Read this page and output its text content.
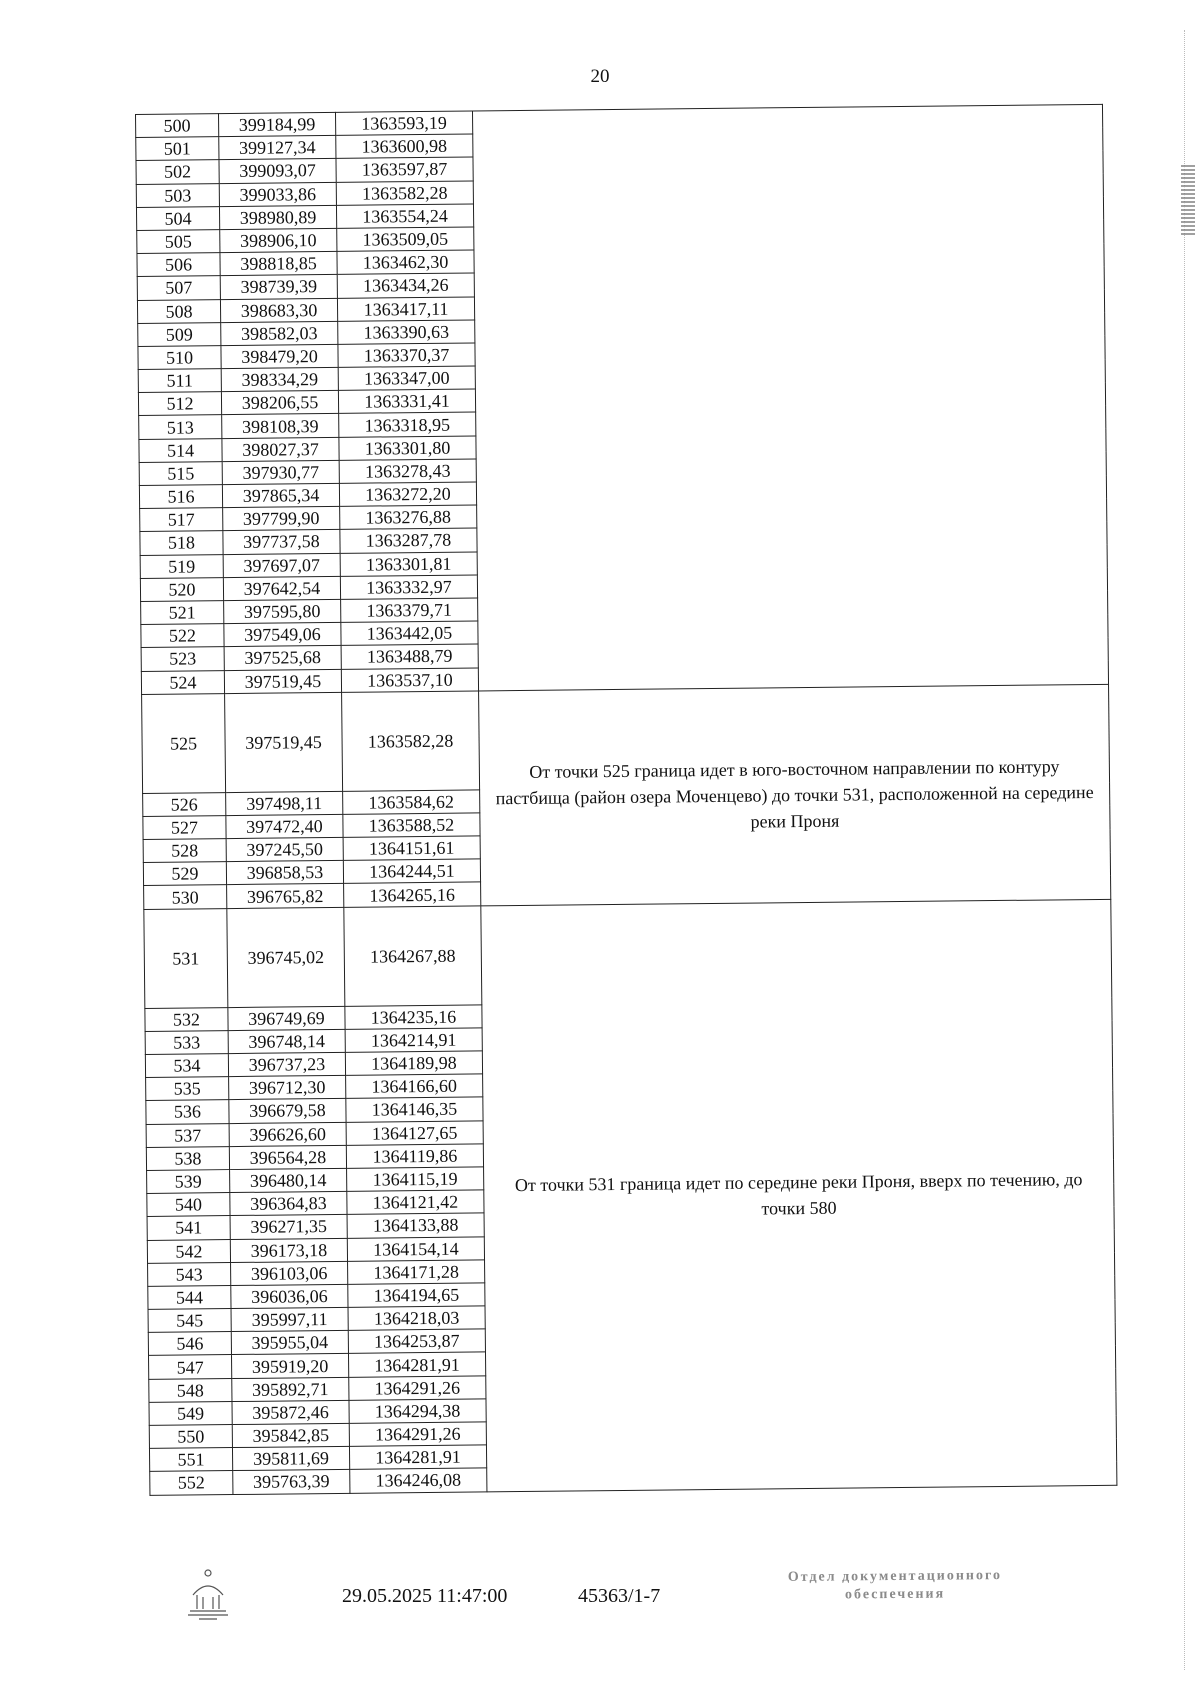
20
500	399184,99	1363593,19	
501	399127,34	1363600,98	
502	399093,07	1363597,87	
503	399033,86	1363582,28	
504	398980,89	1363554,24	
505	398906,10	1363509,05	
506	398818,85	1363462,30	
507	398739,39	1363434,26	
508	398683,30	1363417,11	
509	398582,03	1363390,63	
510	398479,20	1363370,37	
511	398334,29	1363347,00	
512	398206,55	1363331,41	
513	398108,39	1363318,95	
514	398027,37	1363301,80	
515	397930,77	1363278,43	
516	397865,34	1363272,20	
517	397799,90	1363276,88	
518	397737,58	1363287,78	
519	397697,07	1363301,81	
520	397642,54	1363332,97	
521	397595,80	1363379,71	
522	397549,06	1363442,05	
523	397525,68	1363488,79	
524	397519,45	1363537,10	
525	397519,45	1363582,28	От точки 525 граница идет в юго-восточном направлении по контуру пастбища (район озера Моченцево) до точки 531, расположенной на середине реки Проня
526	397498,11	1363584,62	
527	397472,40	1363588,52	
528	397245,50	1364151,61	
529	396858,53	1364244,51	
530	396765,82	1364265,16	
531	396745,02	1364267,88	От точки 531 граница идет по середине реки Проня, вверх по течению, до точки 580
532	396749,69	1364235,16	
533	396748,14	1364214,91	
534	396737,23	1364189,98	
535	396712,30	1364166,60	
536	396679,58	1364146,35	
537	396626,60	1364127,65	
538	396564,28	1364119,86	
539	396480,14	1364115,19	
540	396364,83	1364121,42	
541	396271,35	1364133,88	
542	396173,18	1364154,14	
543	396103,06	1364171,28	
544	396036,06	1364194,65	
545	395997,11	1364218,03	
546	395955,04	1364253,87	
547	395919,20	1364281,91	
548	395892,71	1364291,26	
549	395872,46	1364294,38	
550	395842,85	1364291,26	
551	395811,69	1364281,91	
552	395763,39	1364246,08	
29.05.2025 11:47:00	45363/1-7
Отдел документационного
обеспечения
